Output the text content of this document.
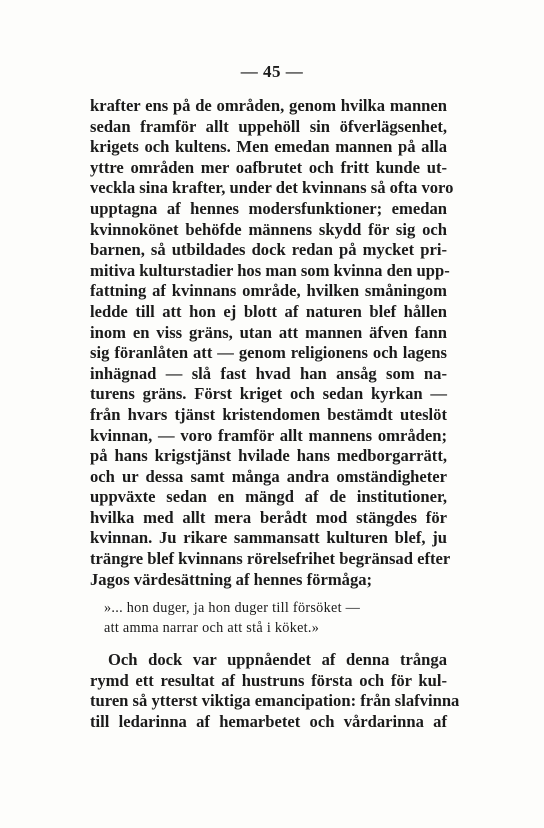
— 45 —
krafter ens på de områden, genom hvilka mannen
sedan framför allt uppehöll sin öfverlägsenhet,
krigets och kultens. Men emedan mannen på alla
yttre områden mer oafbrutet och fritt kunde ut-
veckla sina krafter, under det kvinnans så ofta voro
upptagna af hennes modersfunktioner; emedan
kvinnokönet behöfde männens skydd för sig och
barnen, så utbildades dock redan på mycket pri-
mitiva kulturstadier hos man som kvinna den upp-
fattning af kvinnans område, hvilken småningom
ledde till att hon ej blott af naturen blef hållen
inom en viss gräns, utan att mannen äfven fann
sig föranlåten att — genom religionens och lagens
inhägnad — slå fast hvad han ansåg som na-
turens gräns. Först kriget och sedan kyrkan —
från hvars tjänst kristendomen bestämdt uteslöt
kvinnan, — voro framför allt mannens områden;
på hans krigstjänst hvilade hans medborgarrätt,
och ur dessa samt många andra omständigheter
uppväxte sedan en mängd af de institutioner,
hvilka med allt mera berådt mod stängdes för
kvinnan. Ju rikare sammansatt kulturen blef, ju
trängre blef kvinnans rörelsefrihet begränsad efter
Jagos värdesättning af hennes förmåga;
»... hon duger, ja hon duger till försöket —
att amma narrar och att stå i köket.»
Och dock var uppnåendet af denna trånga
rymd ett resultat af hustruns första och för kul-
turen så ytterst viktiga emancipation: från slafvinna
till ledarinna af hemarbetet och vårdarinna af
